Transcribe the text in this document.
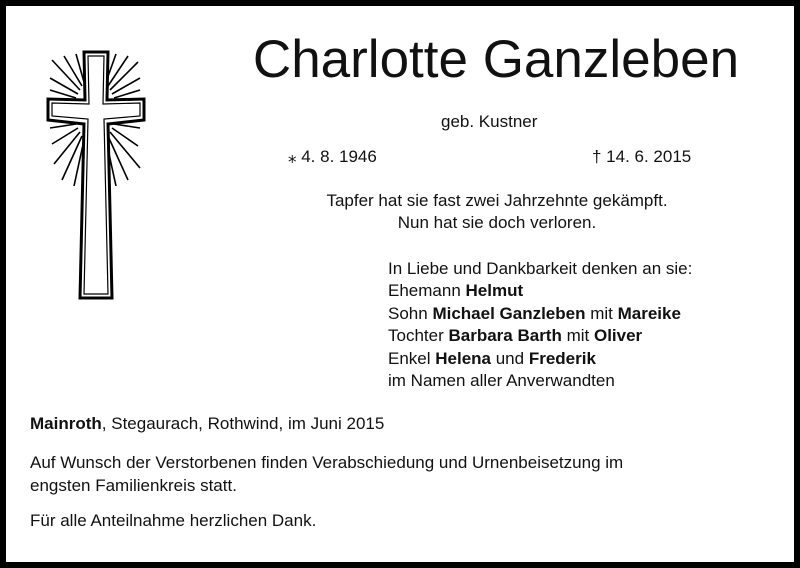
Charlotte Ganzleben
geb. Kustner
⁎ 4. 8. 1946	† 14. 6. 2015
Tapfer hat sie fast zwei Jahrzehnte gekämpft.
Nun hat sie doch verloren.
In Liebe und Dankbarkeit denken an sie:
Ehemann Helmut
Sohn Michael Ganzleben mit Mareike
Tochter Barbara Barth mit Oliver
Enkel Helena und Frederik
im Namen aller Anverwandten
Mainroth, Stegaurach, Rothwind, im Juni 2015
Auf Wunsch der Verstorbenen finden Verabschiedung und Urnenbeisetzung im
engsten Familienkreis statt.
Für alle Anteilnahme herzlichen Dank.
